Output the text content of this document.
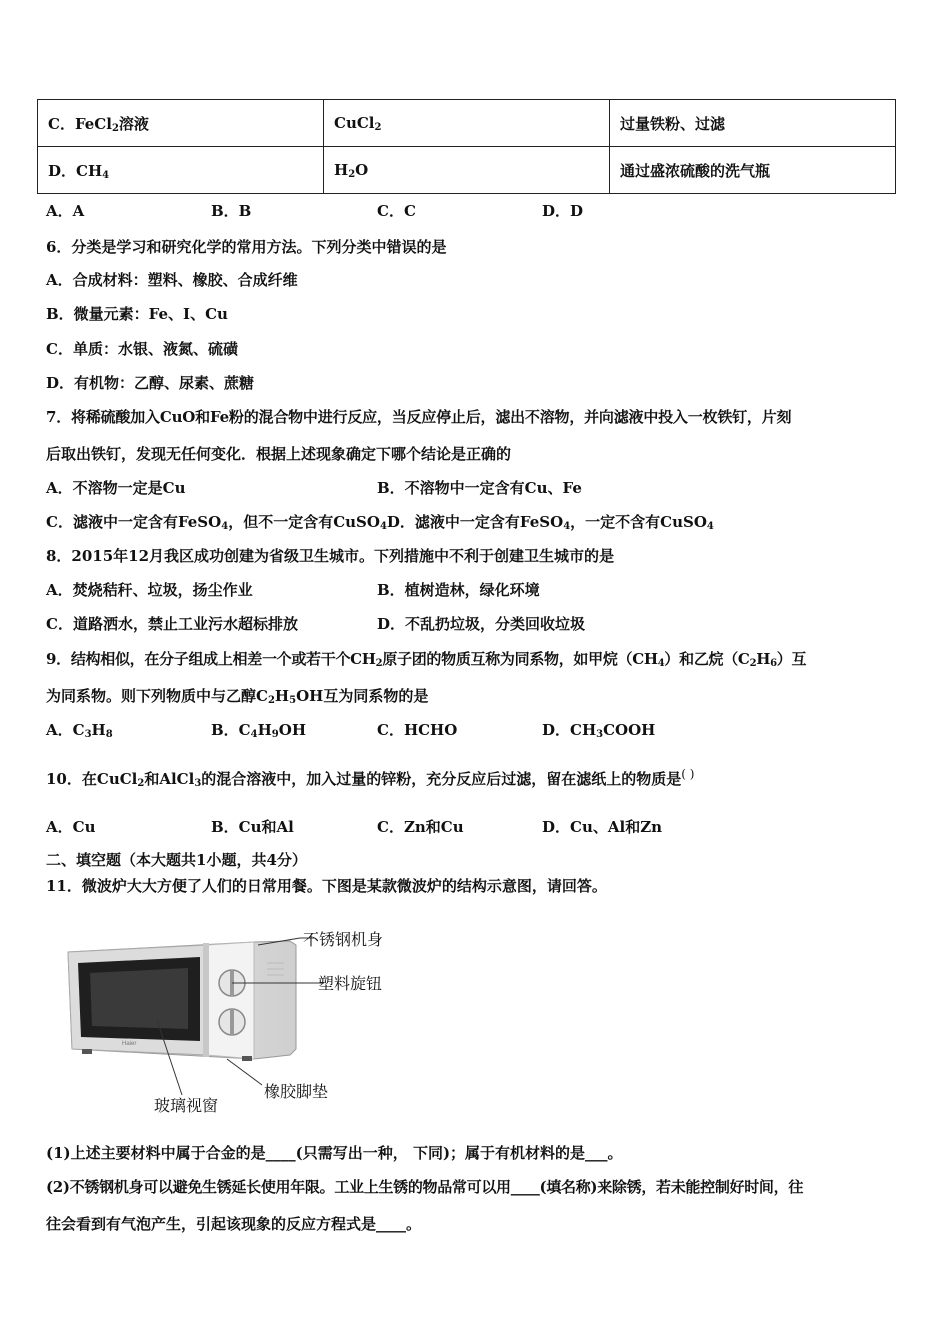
C．FeCl$_2$溶液	CuCl$_2$	过量铁粉、过滤
D．$CH_4$	$H_2O$	通过盛浓硫酸的洗气瓶
A．A	B．B	C．C	D．D
6．分类是学习和研究化学的常用方法。下列分类中错误的是
A．合成材料：塑料、橡胶、合成纤维
B．微量元素：Fe、I、Cu
C．单质：水银、液氮、硫磺
D．有机物：乙醇、尿素、蔗糖
7．将稀硫酸加入CuO和Fe粉的混合物中进行反应，当反应停止后，滤出不溶物，并向滤液中投入一枚铁钉，片刻
后取出铁钉，发现无任何变化．根据上述现象确定下哪个结论是正确的
A．不溶物一定是Cu	B．不溶物中一定含有Cu、Fe
C．滤液中一定含有FeSO$_4$，但不一定含有CuSO$_4$D．滤液中一定含有FeSO$_4$，一定不含有CuSO$_4$
8．2015年12月我区成功创建为省级卫生城市。下列措施中不利于创建卫生城市的是
A．焚烧秸秆、垃圾，扬尘作业	B．植树造林，绿化环境
C．道路洒水，禁止工业污水超标排放	D．不乱扔垃圾，分类回收垃圾
9．结构相似，在分子组成上相差一个或若干个$CH_2$原子团的物质互称为同系物，如甲烷$(CH_4)$和乙烷$(C_2H_6)$互
为同系物。则下列物质中与乙醇$C_2H_5OH$互为同系物的是
A．$C_3H_8$	B．$C_4H_9OH$	C．HCHO	D．$CH_3COOH$
10．在CuCl$_2$和AlCl$_3$的混合溶液中，加入过量的锌粉，充分反应后过滤，留在滤纸上的物质是( )
A．Cu	B．Cu和Al	C．Zn和Cu	D．Cu、Al和Zn
二、填空题（本大题共1小题，共4分）
11．微波炉大大方便了人们的日常用餐。下图是某款微波炉的结构示意图，请回答。
Haier
不锈钢机身
塑料旋钮
橡胶脚垫
玻璃视窗
(1)上述主要材料中属于合金的是____(只需写出一种， 下同)；属于有机材料的是___。
(2)不锈钢机身可以避免生锈延长使用年限。工业上生锈的物品常可以用____(填名称)来除锈，若未能控制好时间，往
往会看到有气泡产生，引起该现象的反应方程式是____。
